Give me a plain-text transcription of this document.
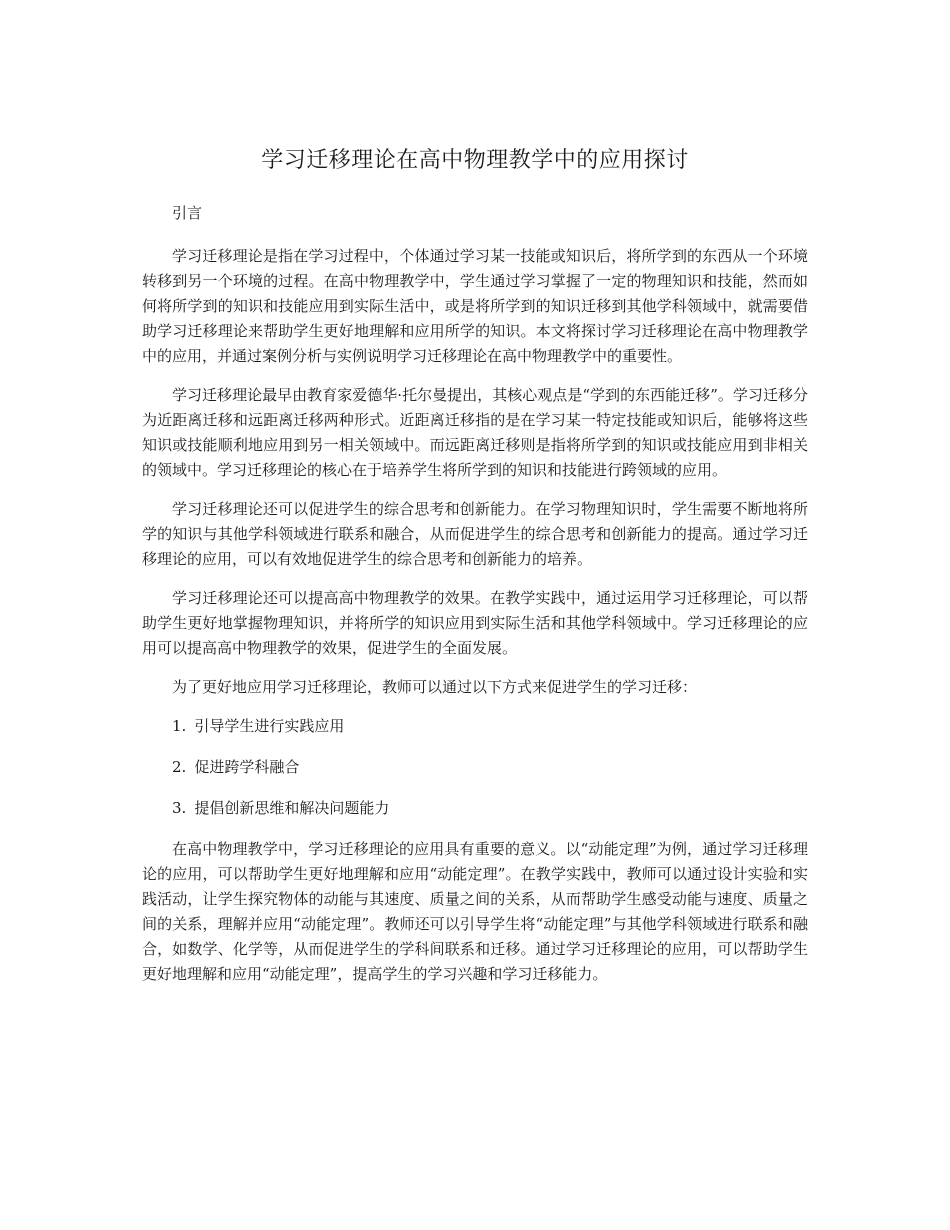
学习迁移理论在高中物理教学中的应用探讨

引言

学习迁移理论是指在学习过程中，个体通过学习某一技能或知识后，将所学到的东西从一个环境转移到另一个环境的过程。在高中物理教学中，学生通过学习掌握了一定的物理知识和技能，然而如何将所学到的知识和技能应用到实际生活中，或是将所学到的知识迁移到其他学科领域中，就需要借助学习迁移理论来帮助学生更好地理解和应用所学的知识。本文将探讨学习迁移理论在高中物理教学中的应用，并通过案例分析与实例说明学习迁移理论在高中物理教学中的重要性。

学习迁移理论最早由教育家爱德华·托尔曼提出，其核心观点是“学到的东西能迁移”。学习迁移分为近距离迁移和远距离迁移两种形式。近距离迁移指的是在学习某一特定技能或知识后，能够将这些知识或技能顺利地应用到另一相关领域中。而远距离迁移则是指将所学到的知识或技能应用到非相关的领域中。学习迁移理论的核心在于培养学生将所学到的知识和技能进行跨领域的应用。

学习迁移理论还可以促进学生的综合思考和创新能力。在学习物理知识时，学生需要不断地将所学的知识与其他学科领域进行联系和融合，从而促进学生的综合思考和创新能力的提高。通过学习迁移理论的应用，可以有效地促进学生的综合思考和创新能力的培养。

学习迁移理论还可以提高高中物理教学的效果。在教学实践中，通过运用学习迁移理论，可以帮助学生更好地掌握物理知识，并将所学的知识应用到实际生活和其他学科领域中。学习迁移理论的应用可以提高高中物理教学的效果，促进学生的全面发展。

为了更好地应用学习迁移理论，教师可以通过以下方式来促进学生的学习迁移：

1. 引导学生进行实践应用
2. 促进跨学科融合
3. 提倡创新思维和解决问题能力

在高中物理教学中，学习迁移理论的应用具有重要的意义。以“动能定理”为例，通过学习迁移理论的应用，可以帮助学生更好地理解和应用“动能定理”。在教学实践中，教师可以通过设计实验和实践活动，让学生探究物体的动能与其速度、质量之间的关系，从而帮助学生感受动能与速度、质量之间的关系，理解并应用“动能定理”。教师还可以引导学生将“动能定理”与其他学科领域进行联系和融合，如数学、化学等，从而促进学生的学科间联系和迁移。通过学习迁移理论的应用，可以帮助学生更好地理解和应用“动能定理”，提高学生的学习兴趣和学习迁移能力。
